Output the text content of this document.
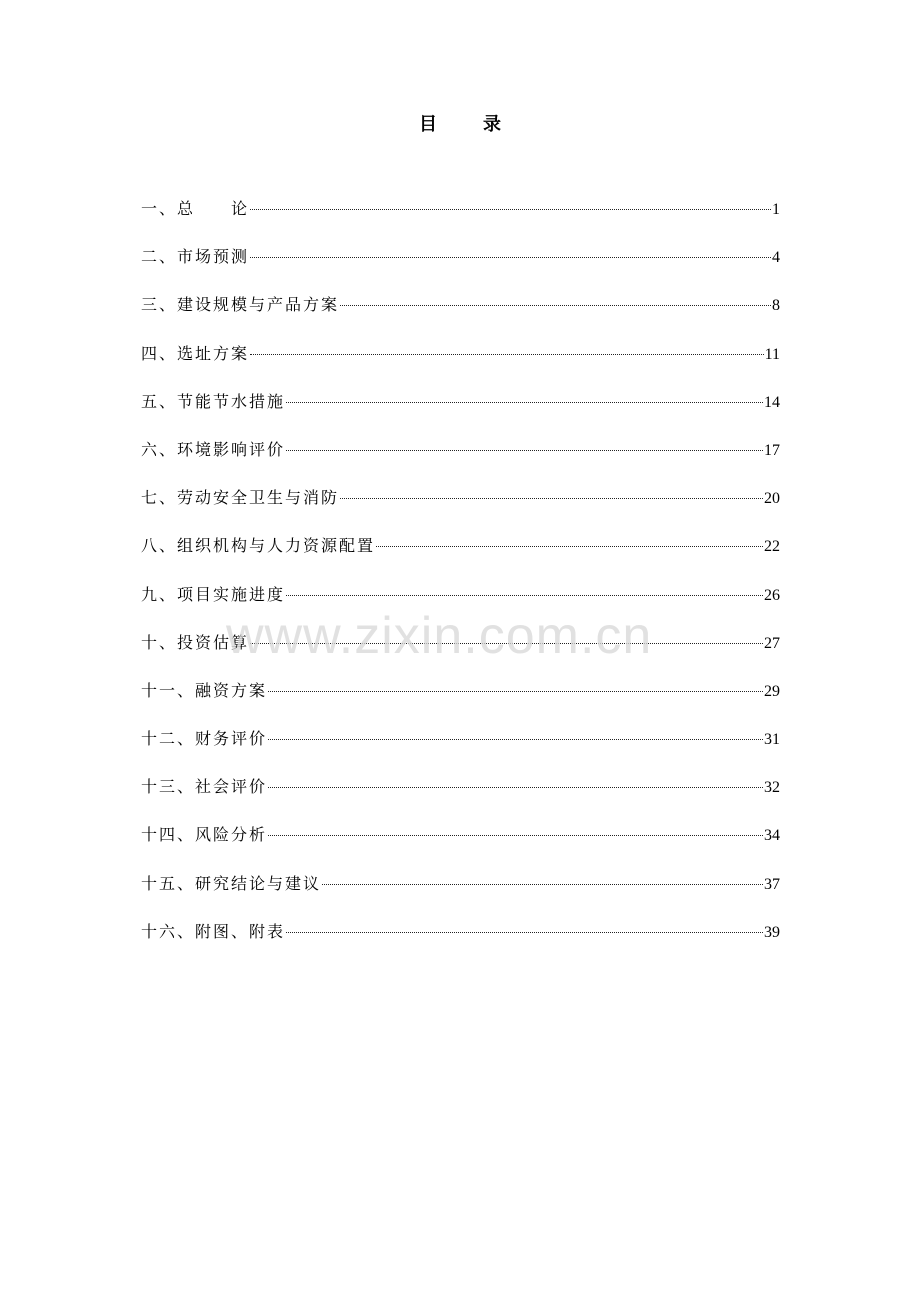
目	录
一、总　　论	1
二、市场预测	4
三、建设规模与产品方案	8
四、选址方案	11
五、节能节水措施	14
六、环境影响评价	17
七、劳动安全卫生与消防	20
八、组织机构与人力资源配置	22
九、项目实施进度	26
十、投资估算	27
十一、融资方案	29
十二、财务评价	31
十三、社会评价	32
十四、风险分析	34
十五、研究结论与建议	37
十六、附图、附表	39
www.zixin.com.cn
